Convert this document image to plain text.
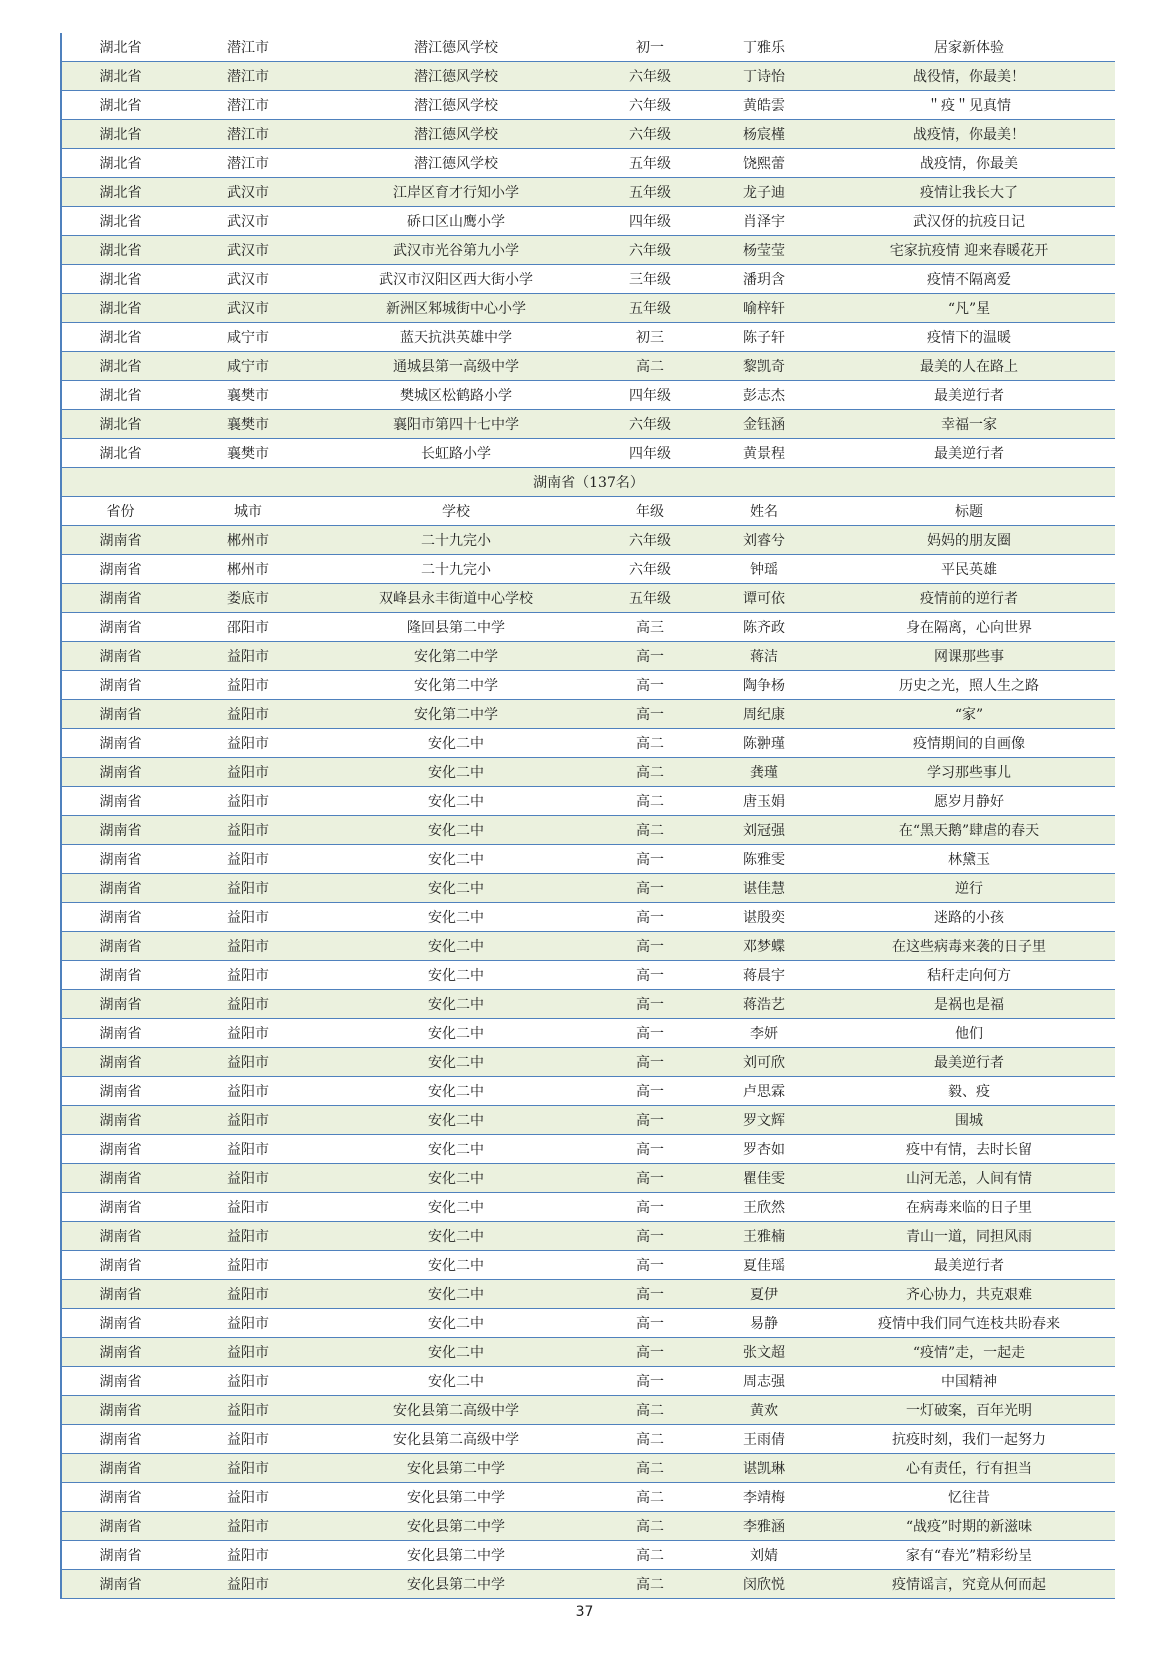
湖北省	潜江市	潜江德风学校	初一	丁雅乐	居家新体验
湖北省	潜江市	潜江德风学校	六年级	丁诗怡	战役情，你最美！
湖北省	潜江市	潜江德风学校	六年级	黄皓雲	＂疫＂见真情
湖北省	潜江市	潜江德风学校	六年级	杨宸槿	战疫情，你最美！
湖北省	潜江市	潜江德风学校	五年级	饶熙蕾	战疫情，你最美
湖北省	武汉市	江岸区育才行知小学	五年级	龙子迪	疫情让我长大了
湖北省	武汉市	硚口区山鹰小学	四年级	肖泽宇	武汉伢的抗疫日记
湖北省	武汉市	武汉市光谷第九小学	六年级	杨莹莹	宅家抗疫情 迎来春暖花开
湖北省	武汉市	武汉市汉阳区西大街小学	三年级	潘玥含	疫情不隔离爱
湖北省	武汉市	新洲区邾城街中心小学	五年级	喻梓轩	“凡”星
湖北省	咸宁市	蓝天抗洪英雄中学	初三	陈子轩	疫情下的温暖
湖北省	咸宁市	通城县第一高级中学	高二	黎凯奇	最美的人在路上
湖北省	襄樊市	樊城区松鹤路小学	四年级	彭志杰	最美逆行者
湖北省	襄樊市	襄阳市第四十七中学	六年级	金钰涵	幸福一家
湖北省	襄樊市	长虹路小学	四年级	黄景程	最美逆行者
湖南省（137名）					
省份	城市	学校	年级	姓名	标题
湖南省	郴州市	二十九完小	六年级	刘睿兮	妈妈的朋友圈
湖南省	郴州市	二十九完小	六年级	钟瑶	平民英雄
湖南省	娄底市	双峰县永丰街道中心学校	五年级	谭可依	疫情前的逆行者
湖南省	邵阳市	隆回县第二中学	高三	陈齐政	身在隔离，心向世界
湖南省	益阳市	安化第二中学	高一	蒋洁	网课那些事
湖南省	益阳市	安化第二中学	高一	陶争杨	历史之光，照人生之路
湖南省	益阳市	安化第二中学	高一	周纪康	“家”
湖南省	益阳市	安化二中	高二	陈翀瑾	疫情期间的自画像
湖南省	益阳市	安化二中	高二	龚瑾	学习那些事儿
湖南省	益阳市	安化二中	高二	唐玉娟	愿岁月静好
湖南省	益阳市	安化二中	高二	刘冠强	在“黑天鹅”肆虐的春天
湖南省	益阳市	安化二中	高一	陈雅雯	林黛玉
湖南省	益阳市	安化二中	高一	谌佳慧	逆行
湖南省	益阳市	安化二中	高一	谌殷奕	迷路的小孩
湖南省	益阳市	安化二中	高一	邓梦蝶	在这些病毒来袭的日子里
湖南省	益阳市	安化二中	高一	蒋晨宇	秸秆走向何方
湖南省	益阳市	安化二中	高一	蒋浩艺	是祸也是福
湖南省	益阳市	安化二中	高一	李妍	他们
湖南省	益阳市	安化二中	高一	刘可欣	最美逆行者
湖南省	益阳市	安化二中	高一	卢思霖	毅、疫
湖南省	益阳市	安化二中	高一	罗文辉	围城
湖南省	益阳市	安化二中	高一	罗杏如	疫中有情，去时长留
湖南省	益阳市	安化二中	高一	瞿佳雯	山河无恙，人间有情
湖南省	益阳市	安化二中	高一	王欣然	在病毒来临的日子里
湖南省	益阳市	安化二中	高一	王雅楠	青山一道，同担风雨
湖南省	益阳市	安化二中	高一	夏佳瑶	最美逆行者
湖南省	益阳市	安化二中	高一	夏伊	齐心协力，共克艰难
湖南省	益阳市	安化二中	高一	易静	疫情中我们同气连枝共盼春来
湖南省	益阳市	安化二中	高一	张文超	“疫情”走，一起走
湖南省	益阳市	安化二中	高一	周志强	中国精神
湖南省	益阳市	安化县第二高级中学	高二	黄欢	一灯破案，百年光明
湖南省	益阳市	安化县第二高级中学	高二	王雨倩	抗疫时刻，我们一起努力
湖南省	益阳市	安化县第二中学	高二	谌凯琳	心有责任，行有担当
湖南省	益阳市	安化县第二中学	高二	李靖梅	忆往昔
湖南省	益阳市	安化县第二中学	高二	李雅涵	“战疫”时期的新滋味
湖南省	益阳市	安化县第二中学	高二	刘婧	家有“春光”精彩纷呈
湖南省	益阳市	安化县第二中学	高二	闵欣悦	疫情谣言，究竟从何而起
37
